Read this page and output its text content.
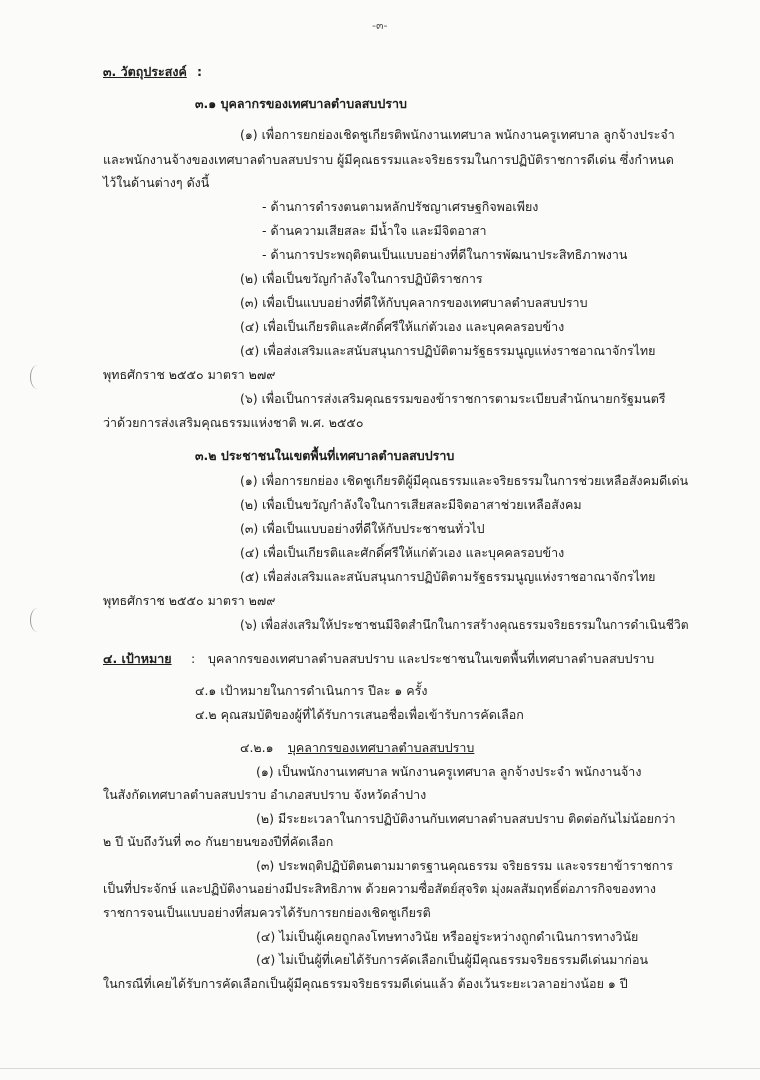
-๓-
๓. วัตถุประสงค์ :
๓.๑ บุคลากรของเทศบาลตำบลสบปราบ
(๑) เพื่อการยกย่องเชิดชูเกียรติพนักงานเทศบาล พนักงานครูเทศบาล ลูกจ้างประจำ
และพนักงานจ้างของเทศบาลตำบลสบปราบ ผู้มีคุณธรรมและจริยธรรมในการปฏิบัติราชการดีเด่น ซึ่งกำหนด
ไว้ในด้านต่างๆ ดังนี้
- ด้านการดำรงตนตามหลักปรัชญาเศรษฐกิจพอเพียง
- ด้านความเสียสละ มีน้ำใจ และมีจิตอาสา
- ด้านการประพฤติตนเป็นแบบอย่างที่ดีในการพัฒนาประสิทธิภาพงาน
(๒) เพื่อเป็นขวัญกำลังใจในการปฏิบัติราชการ
(๓) เพื่อเป็นแบบอย่างที่ดีให้กับบุคลากรของเทศบาลตำบลสบปราบ
(๔) เพื่อเป็นเกียรติและศักดิ์ศรีให้แก่ตัวเอง และบุคคลรอบข้าง
(๕) เพื่อส่งเสริมและสนับสนุนการปฏิบัติตามรัฐธรรมนูญแห่งราชอาณาจักรไทย
พุทธศักราช ๒๕๕๐ มาตรา ๒๗๙
(๖) เพื่อเป็นการส่งเสริมคุณธรรมของข้าราชการตามระเบียบสำนักนายกรัฐมนตรี
ว่าด้วยการส่งเสริมคุณธรรมแห่งชาติ พ.ศ. ๒๕๕๐
๓.๒ ประชาชนในเขตพื้นที่เทศบาลตำบลสบปราบ
(๑) เพื่อการยกย่อง เชิดชูเกียรติผู้มีคุณธรรมและจริยธรรมในการช่วยเหลือสังคมดีเด่น
(๒) เพื่อเป็นขวัญกำลังใจในการเสียสละมีจิตอาสาช่วยเหลือสังคม
(๓) เพื่อเป็นแบบอย่างที่ดีให้กับประชาชนทั่วไป
(๔) เพื่อเป็นเกียรติและศักดิ์ศรีให้แก่ตัวเอง และบุคคลรอบข้าง
(๕) เพื่อส่งเสริมและสนับสนุนการปฏิบัติตามรัฐธรรมนูญแห่งราชอาณาจักรไทย
พุทธศักราช ๒๕๕๐ มาตรา ๒๗๙
(๖) เพื่อส่งเสริมให้ประชาชนมีจิตสำนึกในการสร้างคุณธรรมจริยธรรมในการดำเนินชีวิต
๔. เป้าหมาย : บุคลากรของเทศบาลตำบลสบปราบ และประชาชนในเขตพื้นที่เทศบาลตำบลสบปราบ
๔.๑ เป้าหมายในการดำเนินการ ปีละ ๑ ครั้ง
๔.๒ คุณสมบัติของผู้ที่ได้รับการเสนอชื่อเพื่อเข้ารับการคัดเลือก
๔.๒.๑ บุคลากรของเทศบาลตำบลสบปราบ
(๑) เป็นพนักงานเทศบาล พนักงานครูเทศบาล ลูกจ้างประจำ พนักงานจ้าง
ในสังกัดเทศบาลตำบลสบปราบ อำเภอสบปราบ จังหวัดลำปาง
(๒) มีระยะเวลาในการปฏิบัติงานกับเทศบาลตำบลสบปราบ ติดต่อกันไม่น้อยกว่า
๒ ปี นับถึงวันที่ ๓๐ กันยายนของปีที่คัดเลือก
(๓) ประพฤติปฏิบัติตนตามมาตรฐานคุณธรรม จริยธรรม และจรรยาข้าราชการ
เป็นที่ประจักษ์ และปฏิบัติงานอย่างมีประสิทธิภาพ ด้วยความซื่อสัตย์สุจริต มุ่งผลสัมฤทธิ์ต่อภารกิจของทาง
ราชการจนเป็นแบบอย่างที่สมควรได้รับการยกย่องเชิดชูเกียรติ
(๔) ไม่เป็นผู้เคยถูกลงโทษทางวินัย หรืออยู่ระหว่างถูกดำเนินการทางวินัย
(๕) ไม่เป็นผู้ที่เคยได้รับการคัดเลือกเป็นผู้มีคุณธรรมจริยธรรมดีเด่นมาก่อน
ในกรณีที่เคยได้รับการคัดเลือกเป็นผู้มีคุณธรรมจริยธรรมดีเด่นแล้ว ต้องเว้นระยะเวลาอย่างน้อย ๑ ปี
